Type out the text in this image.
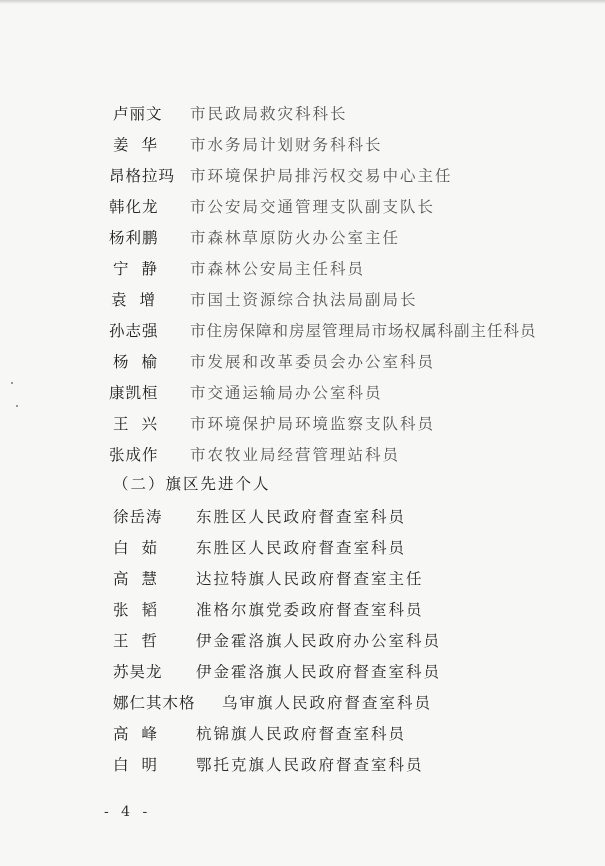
卢丽文 市民政局救灾科科长
姜华 市水务局计划财务科科长
昂格拉玛 市环境保护局排污权交易中心主任
韩化龙 市公安局交通管理支队副支队长
杨利鹏 市森林草原防火办公室主任
宁静 市森林公安局主任科员
袁增 市国土资源综合执法局副局长
孙志强 市住房保障和房屋管理局市场权属科副主任科员
杨榆 市发展和改革委员会办公室科员
康凯桓 市交通运输局办公室科员
王兴 市环境保护局环境监察支队科员
张成作 市农牧业局经营管理站科员
（二）旗区先进个人
徐岳涛 东胜区人民政府督查室科员
白茹 东胜区人民政府督查室科员
高慧 达拉特旗人民政府督查室主任
张韬 准格尔旗党委政府督查室科员
王哲 伊金霍洛旗人民政府办公室科员
苏昊龙 伊金霍洛旗人民政府督查室科员
娜仁其木格 乌审旗人民政府督查室科员
高峰 杭锦旗人民政府督查室科员
白明 鄂托克旗人民政府督查室科员
- 4 -
